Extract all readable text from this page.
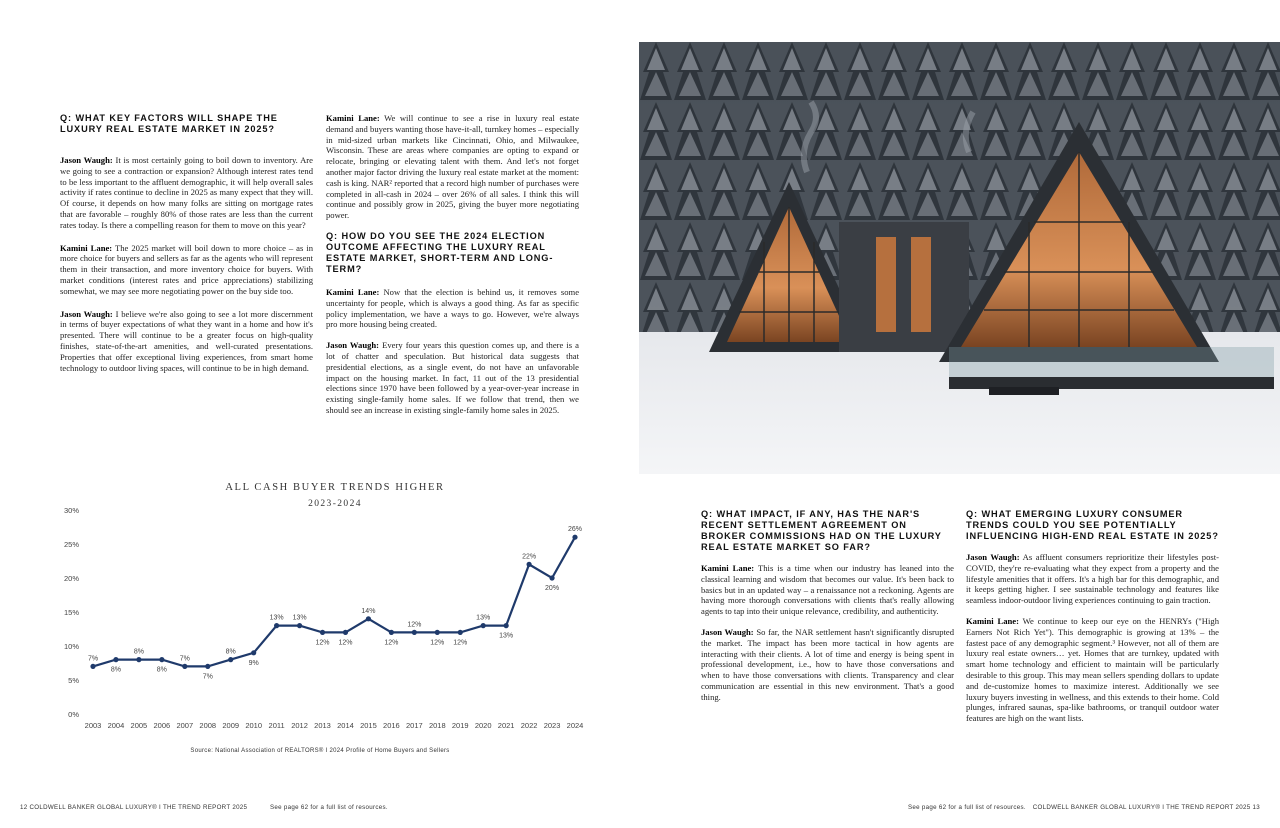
Q: WHAT KEY FACTORS WILL SHAPE THE LUXURY REAL ESTATE MARKET IN 2025?

Jason Waugh: It is most certainly going to boil down to inventory. Are we going to see a contraction or expansion? Although interest rates tend to be less important to the affluent demographic, it will help overall sales activity if rates continue to decline in 2025 as many expect that they will. Of course, it depends on how many folks are sitting on mortgage rates that are favorable – roughly 80% of those rates are less than the current rates today. Is there a compelling reason for them to move on this year?

Kamini Lane: The 2025 market will boil down to more choice – as in more choice for buyers and sellers as far as the agents who will represent them in their transaction, and more inventory choice for buyers. With market conditions (interest rates and price appreciations) stabilizing somewhat, we may see more negotiating power on the buy side too.

Jason Waugh: I believe we're also going to see a lot more discernment in terms of buyer expectations of what they want in a home and how it's presented. There will continue to be a greater focus on high-quality finishes, state-of-the-art amenities, and well-curated presentations. Properties that offer exceptional living experiences, from smart home technology to outdoor living spaces, will continue to be in high demand.

Kamini Lane: We will continue to see a rise in luxury real estate demand and buyers wanting those have-it-all, turnkey homes – especially in mid-sized urban markets like Cincinnati, Ohio, and Milwaukee, Wisconsin. These are areas where companies are opting to expand or relocate, bringing or elevating talent with them. And let's not forget another major factor driving the luxury real estate market at the moment: cash is king. NAR² reported that a record high number of purchases were completed in all-cash in 2024 – over 26% of all sales. I think this will continue and possibly grow in 2025, giving the buyer more negotiating power.

Q: HOW DO YOU SEE THE 2024 ELECTION OUTCOME AFFECTING THE LUXURY REAL ESTATE MARKET, SHORT-TERM AND LONG-TERM?

Kamini Lane: Now that the election is behind us, it removes some uncertainty for people, which is always a good thing. As far as specific policy implementation, we have a ways to go. However, we're always pro more housing being created.

Jason Waugh: Every four years this question comes up, and there is a lot of chatter and speculation. But historical data suggests that presidential elections, as a single event, do not have an unfavorable impact on the housing market. In fact, 11 out of the 13 presidential elections since 1970 have been followed by a year-over-year increase in existing single-family home sales. If we follow that trend, then we should see an increase in existing single-family home sales in 2025.

ALL CASH BUYER TRENDS HIGHER
2023-2024
0%
5%
10%
15%
20%
25%
30%
2003 2004 2005 2006 2007 2008 2009 2010 2011 2012 2013 2014 2015 2016 2017 2018 2019 2020 2021 2022 2023 2024
7%
8%
8%
8%
7%
7%
8%
9%
13% 13%
12% 12%
14%
12%
12%
12% 12%
13%
13%
22%
20%
26%
Source: National Association of REALTORS® I 2024 Profile of Home Buyers and Sellers
Q: WHAT IMPACT, IF ANY, HAS THE NAR'S RECENT SETTLEMENT AGREEMENT ON BROKER COMMISSIONS HAD ON THE LUXURY REAL ESTATE MARKET SO FAR?

Kamini Lane: This is a time when our industry has leaned into the classical learning and wisdom that becomes our value. It's been back to basics but in an updated way – a renaissance not a reckoning. Agents are having more thorough conversations with clients that's really allowing agents to tap into their unique relevance, credibility, and authenticity.

Jason Waugh: So far, the NAR settlement hasn't significantly disrupted the market. The impact has been more tactical in how agents are interacting with their clients. A lot of time and energy is being spent in professional development, i.e., how to have those conversations and when to have those conversations with clients. Transparency and clear communication are essential in this new environment. That's a good thing.

Q: WHAT EMERGING LUXURY CONSUMER TRENDS COULD YOU SEE POTENTIALLY INFLUENCING HIGH-END REAL ESTATE IN 2025?

Jason Waugh: As affluent consumers reprioritize their lifestyles post-COVID, they're re-evaluating what they expect from a property and the lifestyle amenities that it offers. It's a high bar for this demographic, and it keeps getting higher. I see sustainable technology and features like seamless indoor-outdoor living experiences continuing to gain traction.

Kamini Lane: We continue to keep our eye on the HENRYs ("High Earners Not Rich Yet"). This demographic is growing at 13% – the fastest pace of any demographic segment.³ However, not all of them are luxury real estate owners… yet. Homes that are turnkey, updated with smart home technology and efficient to maintain will be particularly desirable to this group. This may mean sellers spending dollars to update and de-customize homes to maximize interest. Additionally we see luxury buyers investing in wellness, and this extends to their home. Cold plunges, infrared saunas, spa-like bathrooms, or tranquil outdoor water features are high on the want lists.

12 COLDWELL BANKER GLOBAL LUXURY® I THE TREND REPORT 2025	See page 62 for a full list of resources.	See page 62 for a full list of resources. COLDWELL BANKER GLOBAL LUXURY® I THE TREND REPORT 2025 13
